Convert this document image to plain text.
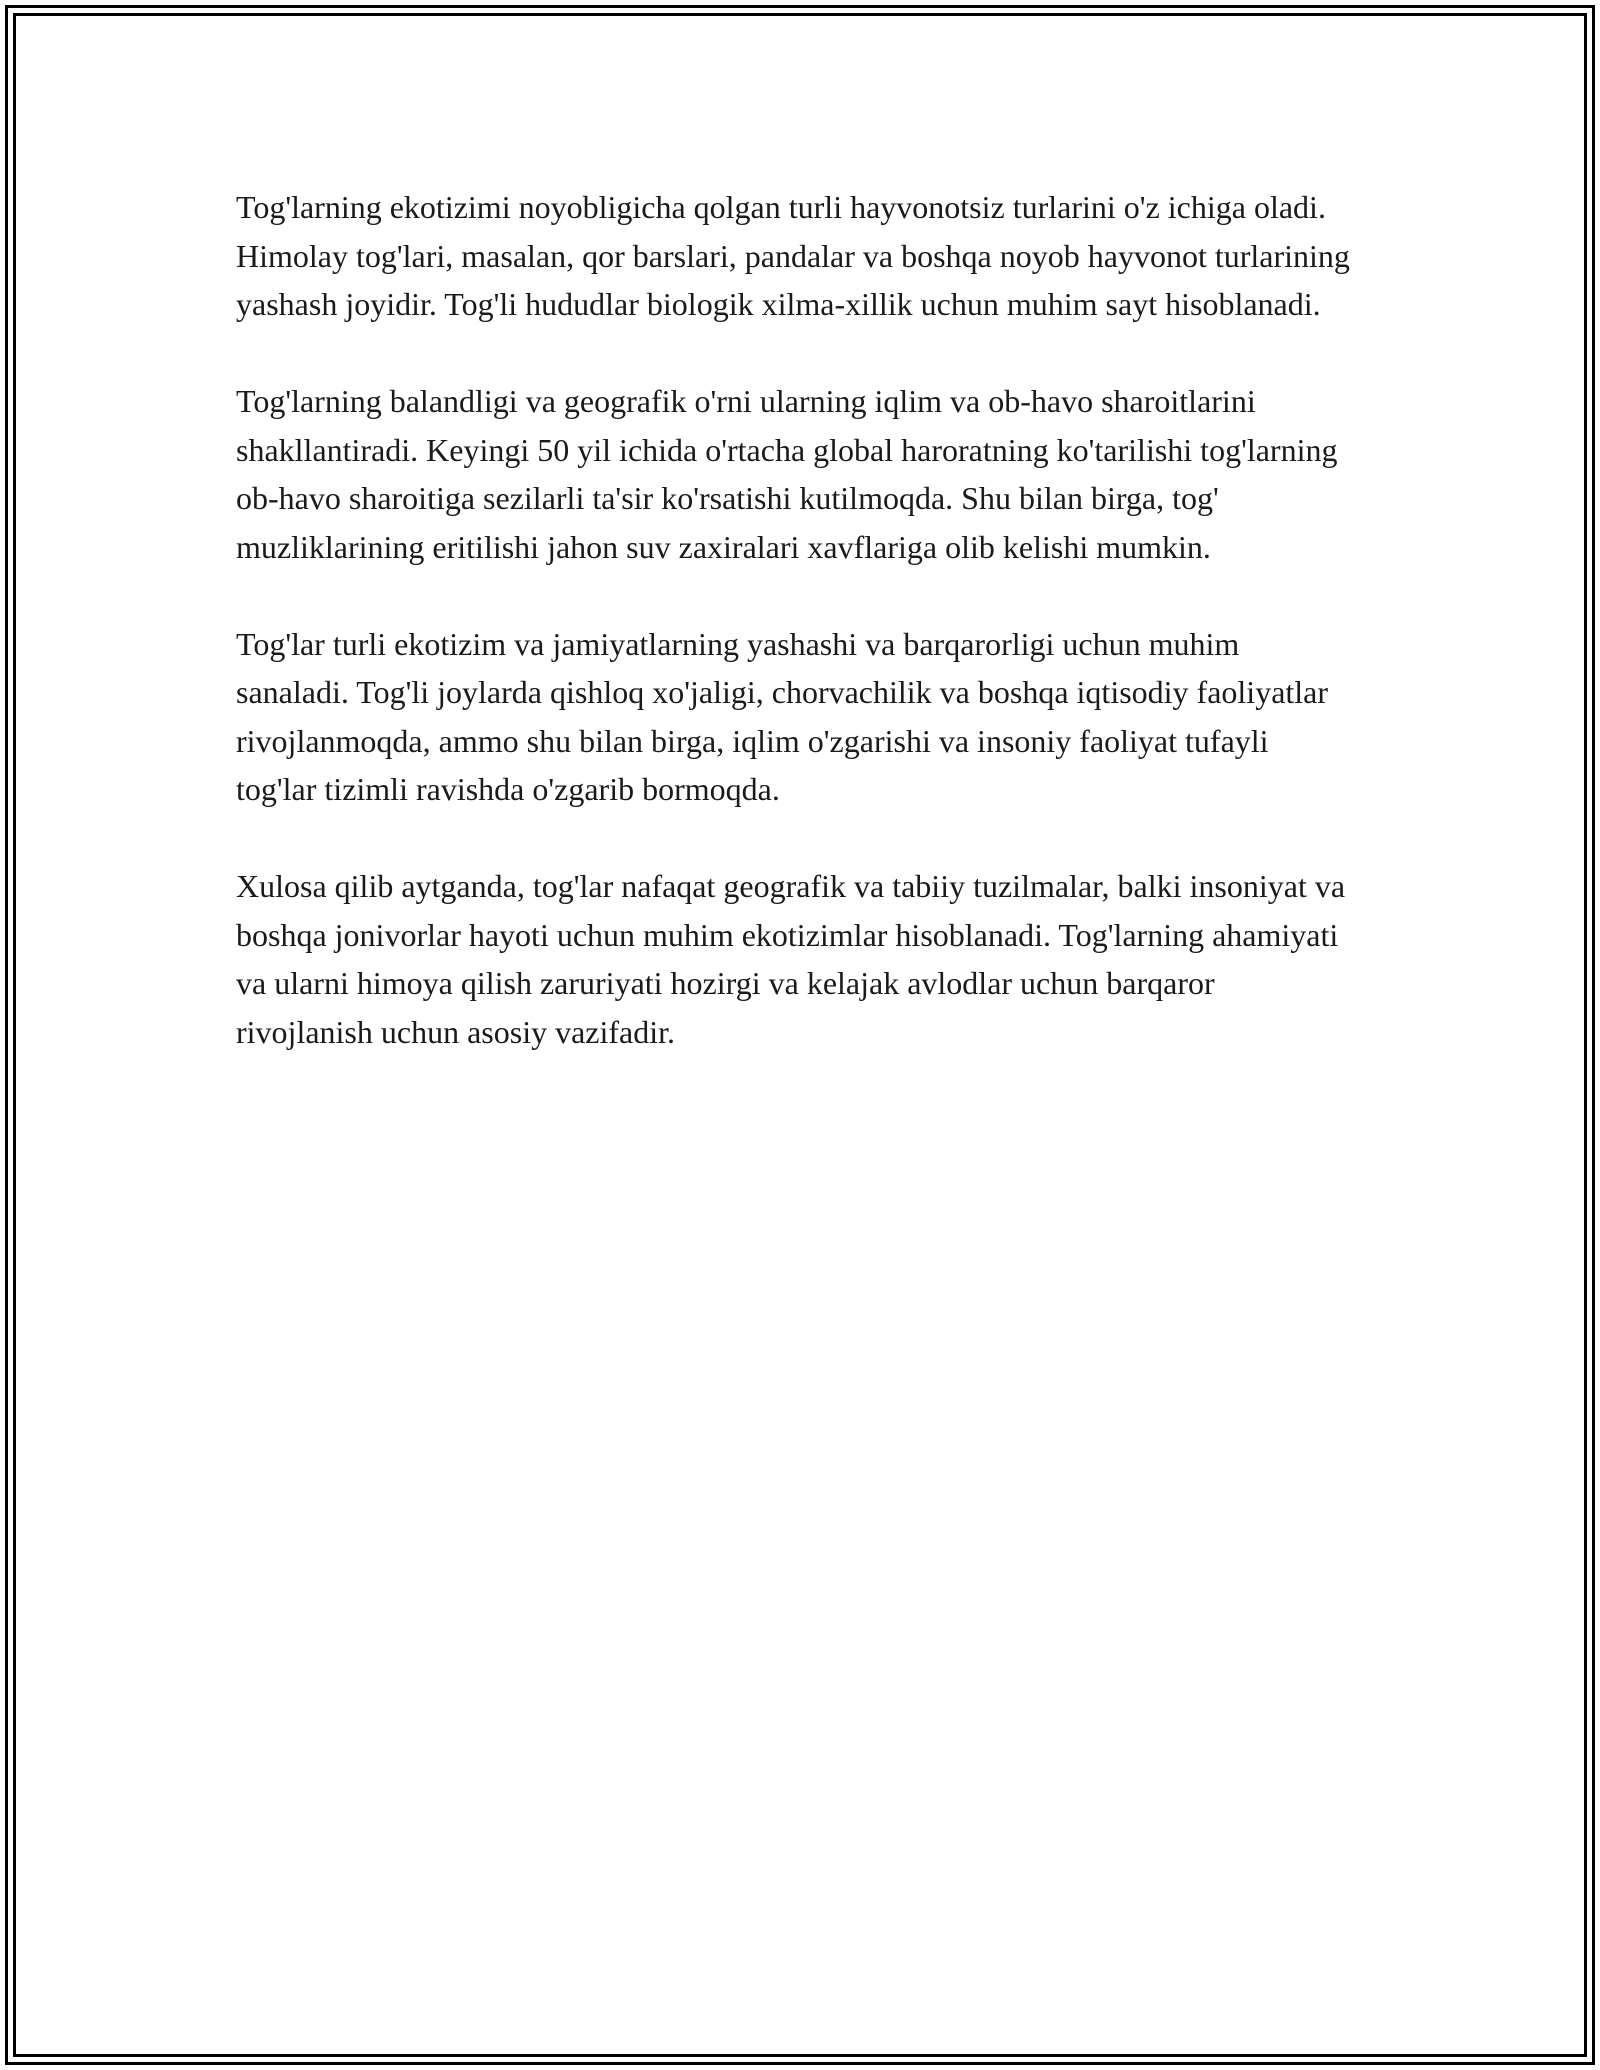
Tog'larning ekotizimi noyobligicha qolgan turli hayvonotsiz turlarini o'z ichiga oladi. Himolay tog'lari, masalan, qor barslari, pandalar va boshqa noyob hayvonot turlarining yashash joyidir. Tog'li hududlar biologik xilma-xillik uchun muhim sayt hisoblanadi.

Tog'larning balandligi va geografik o'rni ularning iqlim va ob-havo sharoitlarini shakllantiradi. Keyingi 50 yil ichida o'rtacha global haroratning ko'tarilishi tog'larning ob-havo sharoitiga sezilarli ta'sir ko'rsatishi kutilmoqda. Shu bilan birga, tog' muzliklarining eritilishi jahon suv zaxiralari xavflariga olib kelishi mumkin.

Tog'lar turli ekotizim va jamiyatlarning yashashi va barqarorligi uchun muhim sanaladi. Tog'li joylarda qishloq xo'jaligi, chorvachilik va boshqa iqtisodiy faoliyatlar rivojlanmoqda, ammo shu bilan birga, iqlim o'zgarishi va insoniy faoliyat tufayli tog'lar tizimli ravishda o'zgarib bormoqda.

Xulosa qilib aytganda, tog'lar nafaqat geografik va tabiiy tuzilmalar, balki insoniyat va boshqa jonivorlar hayoti uchun muhim ekotizimlar hisoblanadi. Tog'larning ahamiyati va ularni himoya qilish zaruriyati hozirgi va kelajak avlodlar uchun barqaror rivojlanish uchun asosiy vazifadir.
